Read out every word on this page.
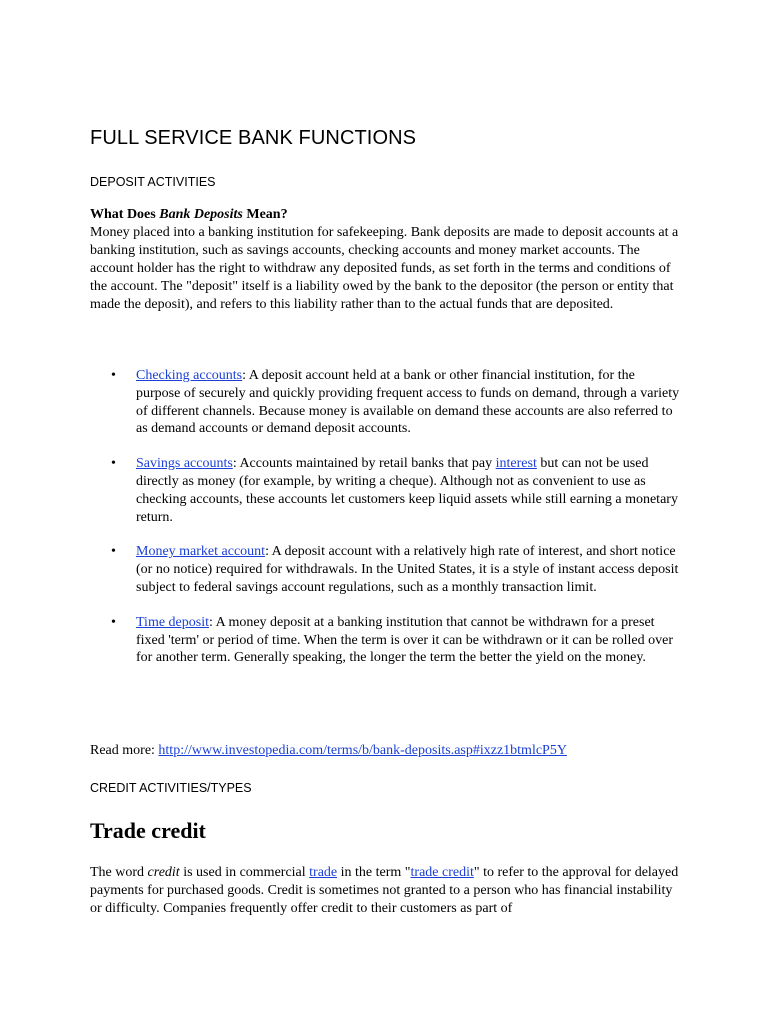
FULL SERVICE BANK FUNCTIONS
DEPOSIT ACTIVITIES
What Does Bank Deposits Mean?
Money placed into a banking institution for safekeeping. Bank deposits are made to deposit accounts at a banking institution, such as savings accounts, checking accounts and money market accounts. The account holder has the right to withdraw any deposited funds, as set forth in the terms and conditions of the account. The "deposit" itself is a liability owed by the bank to the depositor (the person or entity that made the deposit), and refers to this liability rather than to the actual funds that are deposited.
• Checking accounts: A deposit account held at a bank or other financial institution, for the purpose of securely and quickly providing frequent access to funds on demand, through a variety of different channels. Because money is available on demand these accounts are also referred to as demand accounts or demand deposit accounts.
• Savings accounts: Accounts maintained by retail banks that pay interest but can not be used directly as money (for example, by writing a cheque). Although not as convenient to use as checking accounts, these accounts let customers keep liquid assets while still earning a monetary return.
• Money market account: A deposit account with a relatively high rate of interest, and short notice (or no notice) required for withdrawals. In the United States, it is a style of instant access deposit subject to federal savings account regulations, such as a monthly transaction limit.
• Time deposit: A money deposit at a banking institution that cannot be withdrawn for a preset fixed 'term' or period of time. When the term is over it can be withdrawn or it can be rolled over for another term. Generally speaking, the longer the term the better the yield on the money.
Read more: http://www.investopedia.com/terms/b/bank-deposits.asp#ixzz1btmlcP5Y
CREDIT ACTIVITIES/TYPES
Trade credit
The word credit is used in commercial trade in the term "trade credit" to refer to the approval for delayed payments for purchased goods. Credit is sometimes not granted to a person who has financial instability or difficulty. Companies frequently offer credit to their customers as part of
